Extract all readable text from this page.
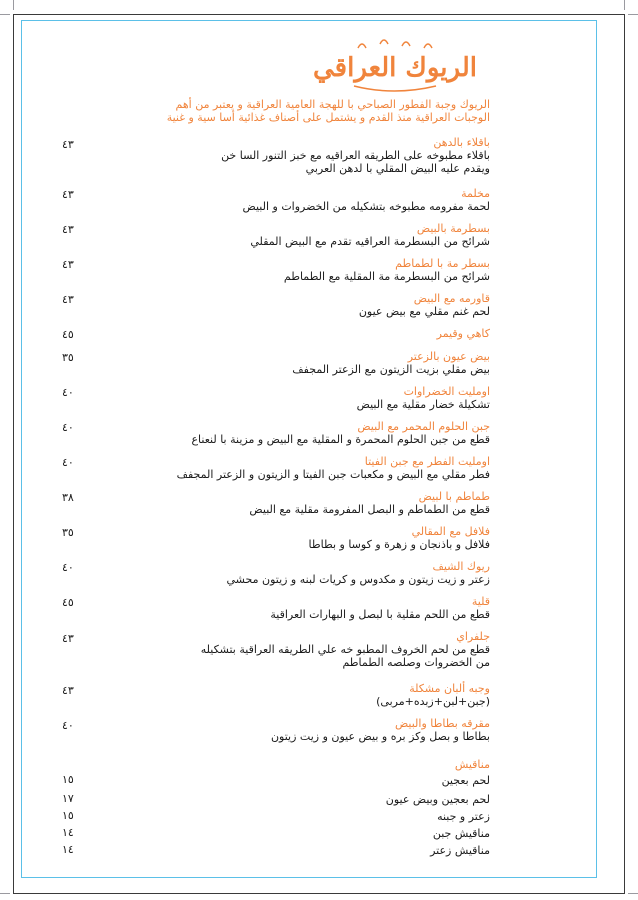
الريوك العراقي
الريوك وجبة الفطور الصباحي با للهجة العامية العراقية و يعتبر من أهم
الوجبات العراقية منذ القدم و يشتمل على أصناف غذائية أسا سية و غنية
باقلاء بالدهن
باقلاء مطبوخه على الطريقه العراقيه مع خبز التنور السا خن
ويقدم عليه البيض المقلي با لدهن العربي
٤٣
مخلمة
لحمة مفرومه مطبوخه بتشكيله من الخضروات و البيض
٤٣
بسطرمة بالبيض
شرائح من البسطرمة العراقيه تقدم مع البيض المقلي
٤٣
بسطر مة با لطماطم
شرائح من البسطرمة مة المقلية مع الطماطم
٤٣
قاورمه مع البيض
لحم غنم مقلي مع بيض عيون
٤٣
كاهي وقيمر
٤٥
بيض عيون بالزعتر
بيض مقلي بزيت الزيتون مع الزعتر المجفف
٣٥
اومليت الخضراوات
تشكيلة خضار مقلية مع البيض
٤٠
جبن الحلوم المحمر مع البيض
قطع من جبن الحلوم المحمرة و المقلية مع البيض و مزينة با لنعناع
٤٠
اومليت الفطر مع جبن الفيتا
فطر مقلي مع البيض و مكعبات جبن الفيتا و الزيتون و الزعتر المجفف
٤٠
طماطم با لبيض
قطع من الطماطم و البصل المفرومة مقلية مع البيض
٣٨
فلافل مع المقالي
فلافل و باذنجان و زهرة و كوسا و بطاطا
٣٥
ريوك الشيف
زعتر و زيت زيتون و مكدوس و كريات لبنه و زيتون محشي
٤٠
قلية
قطع من اللحم مقلية با لبصل و البهارات العراقية
٤٥
جلفراي
قطع من لحم الخروف المطبو خه علي الطريقه العراقية بتشكيله
من الخضروات وصلصه الطماطم
٤٣
وجبه ألبان مشكلة
(جبن+لبن+زبده+مربى)
٤٣
مقرقه بطاطا والبيض
بطاطا و بصل وكز بره و بيض عيون و زيت زيتون
٤٠
مناقيش
لحم بعجين
١٥
لحم بعجين وبيض عيون
١٧
زعتر و جبنه
١٥
مناقيش جبن
١٤
مناقيش زعتر
١٤
